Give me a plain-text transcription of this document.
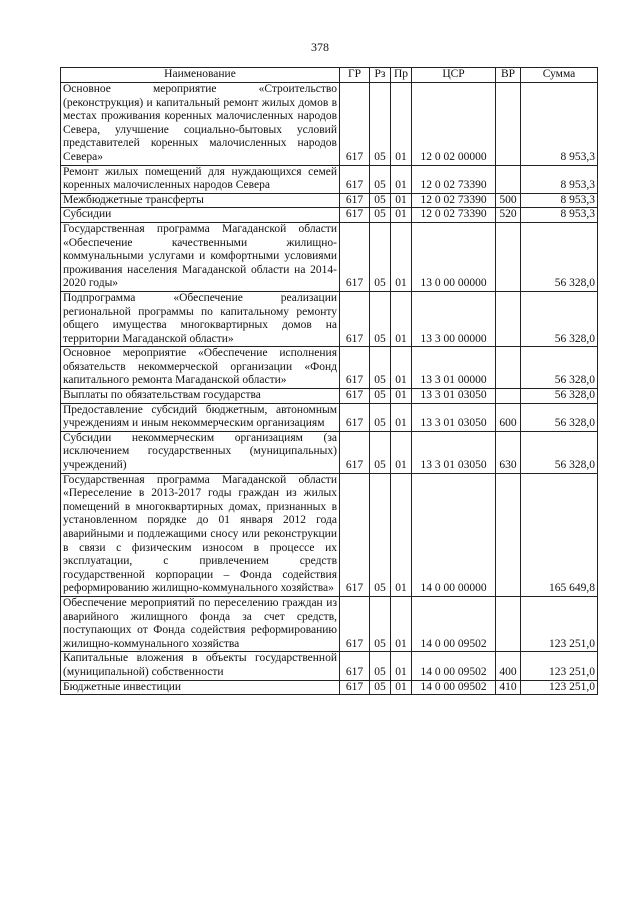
378
Наименование	ГР	Рз	Пр	ЦСР	ВР	Сумма
Основное мероприятие «Строительство (реконструкция) и капитальный ремонт жилых домов в местах проживания коренных малочисленных народов Севера, улучшение социально-бытовых условий представителей коренных малочисленных народов Севера»	617	05	01	12 0 02 00000		8 953,3
Ремонт жилых помещений для нуждающихся семей коренных малочисленных народов Севера	617	05	01	12 0 02 73390		8 953,3
Межбюджетные трансферты	617	05	01	12 0 02 73390	500	8 953,3
Субсидии	617	05	01	12 0 02 73390	520	8 953,3
Государственная программа Магаданской области «Обеспечение качественными жилищно-коммунальными услугами и комфортными условиями проживания населения Магаданской области на 2014-2020 годы»	617	05	01	13 0 00 00000		56 328,0
Подпрограмма «Обеспечение реализации региональной программы по капитальному ремонту общего имущества многоквартирных домов на территории Магаданской области»	617	05	01	13 3 00 00000		56 328,0
Основное мероприятие «Обеспечение исполнения обязательств некоммерческой организации «Фонд капитального ремонта Магаданской области»	617	05	01	13 3 01 00000		56 328,0
Выплаты по обязательствам государства	617	05	01	13 3 01 03050		56 328,0
Предоставление субсидий бюджетным, автономным учреждениям и иным некоммерческим организациям	617	05	01	13 3 01 03050	600	56 328,0
Субсидии некоммерческим организациям (за исключением государственных (муниципальных) учреждений)	617	05	01	13 3 01 03050	630	56 328,0
Государственная программа Магаданской области «Переселение в 2013-2017 годы граждан из жилых помещений в многоквартирных домах, признанных в установленном порядке до 01 января 2012 года аварийными и подлежащими сносу или реконструкции в связи с физическим износом в процессе их эксплуатации, с привлечением средств государственной корпорации – Фонда содействия реформированию жилищно-коммунального хозяйства»	617	05	01	14 0 00 00000		165 649,8
Обеспечение мероприятий по переселению граждан из аварийного жилищного фонда за счет средств, поступающих от Фонда содействия реформированию жилищно-коммунального хозяйства	617	05	01	14 0 00 09502		123 251,0
Капитальные вложения в объекты государственной (муниципальной) собственности	617	05	01	14 0 00 09502	400	123 251,0
Бюджетные инвестиции	617	05	01	14 0 00 09502	410	123 251,0
